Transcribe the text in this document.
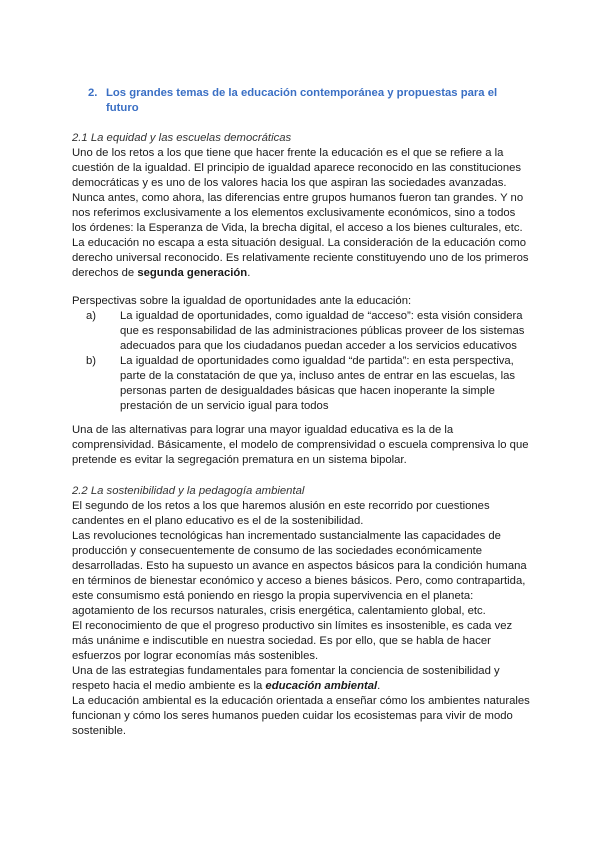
2. Los grandes temas de la educación contemporánea y propuestas para el futuro

2.1 La equidad y las escuelas democráticas

Uno de los retos a los que tiene que hacer frente la educación es el que se refiere a la cuestión de la igualdad. El principio de igualdad aparece reconocido en las constituciones democráticas y es uno de los valores hacia los que aspiran las sociedades avanzadas. Nunca antes, como ahora, las diferencias entre grupos humanos fueron tan grandes. Y no nos referimos exclusivamente a los elementos exclusivamente económicos, sino a todos los órdenes: la Esperanza de Vida, la brecha digital, el acceso a los bienes culturales, etc.

La educación no escapa a esta situación desigual. La consideración de la educación como derecho universal reconocido. Es relativamente reciente constituyendo uno de los primeros derechos de segunda generación.

Perspectivas sobre la igualdad de oportunidades ante la educación:

a)	La igualdad de oportunidades, como igualdad de “acceso”: esta visión considera que es responsabilidad de las administraciones públicas proveer de los sistemas adecuados para que los ciudadanos puedan acceder a los servicios educativos
b)	La igualdad de oportunidades como igualdad “de partida”: en esta perspectiva, parte de la constatación de que ya, incluso antes de entrar en las escuelas, las personas parten de desigualdades básicas que hacen inoperante la simple prestación de un servicio igual para todos

Una de las alternativas para lograr una mayor igualdad educativa es la de la comprensividad. Básicamente, el modelo de comprensividad o escuela comprensiva lo que pretende es evitar la segregación prematura en un sistema bipolar.

2.2 La sostenibilidad y la pedagogía ambiental

El segundo de los retos a los que haremos alusión en este recorrido por cuestiones candentes en el plano educativo es el de la sostenibilidad.

Las revoluciones tecnológicas han incrementado sustancialmente las capacidades de producción y consecuentemente de consumo de las sociedades económicamente desarrolladas. Esto ha supuesto un avance en aspectos básicos para la condición humana en términos de bienestar económico y acceso a bienes básicos. Pero, como contrapartida, este consumismo está poniendo en riesgo la propia supervivencia en el planeta: agotamiento de los recursos naturales, crisis energética, calentamiento global, etc.

El reconocimiento de que el progreso productivo sin límites es insostenible, es cada vez más unánime e indiscutible en nuestra sociedad. Es por ello, que se habla de hacer esfuerzos por lograr economías más sostenibles.

Una de las estrategias fundamentales para fomentar la conciencia de sostenibilidad y respeto hacia el medio ambiente es la educación ambiental.

La educación ambiental es la educación orientada a enseñar cómo los ambientes naturales funcionan y cómo los seres humanos pueden cuidar los ecosistemas para vivir de modo sostenible.
